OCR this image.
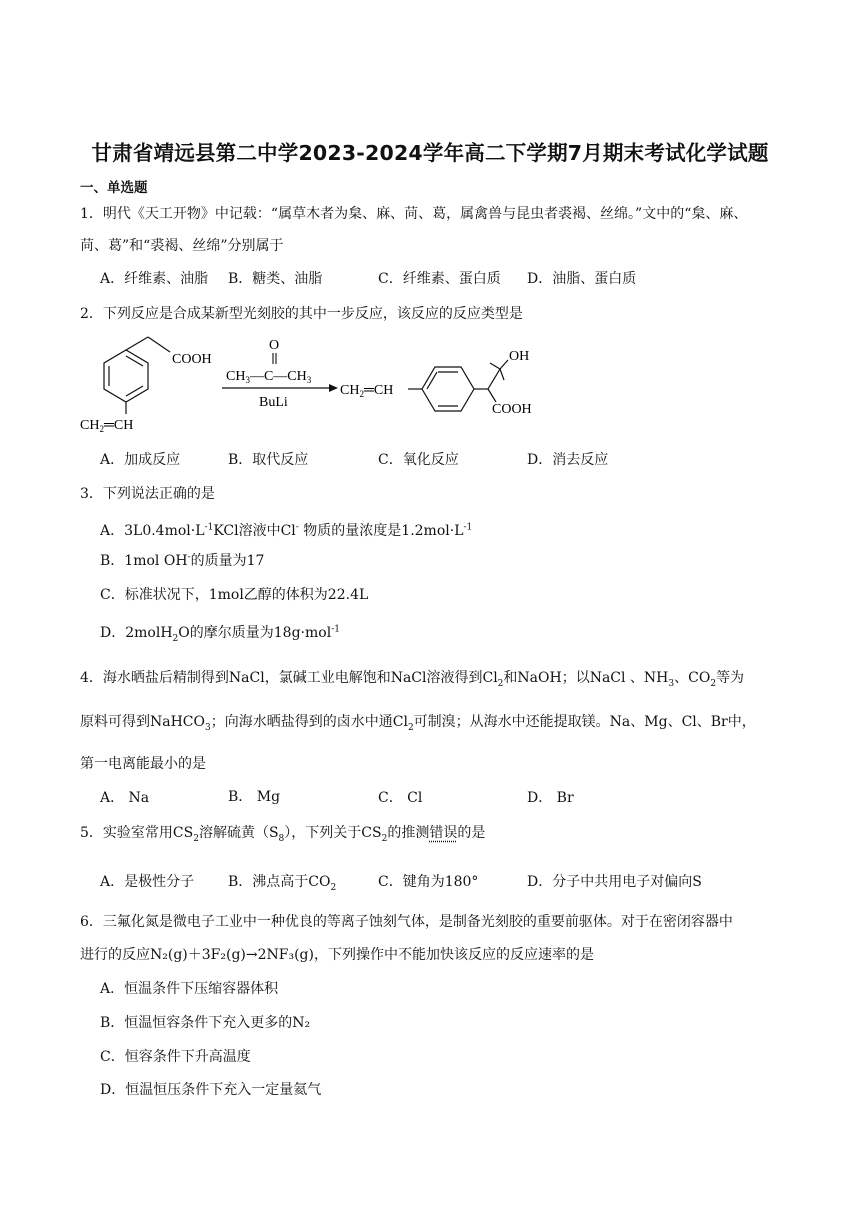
甘肃省靖远县第二中学2023-2024学年高二下学期7月期末考试化学试题
一、单选题
1．明代《天工开物》中记载：“属草木者为枲、麻、苘、葛，属禽兽与昆虫者裘褐、丝绵。”文中的“枲、麻、
苘、葛”和“裘褐、丝绵”分别属于
A．纤维素、油脂 B．糖类、油脂	C．纤维素、蛋白质 D．油脂、蛋白质
2．下列反应是合成某新型光刻胶的其中一步反应，该反应的反应类型是
COOH
$CH_2═CH$
O
$CH_3—C—CH_3$
BuLi
$CH_2═CH$
OH
COOH
A．加成反应	B．取代反应	C．氧化反应	D．消去反应
3．下列说法正确的是
A．$3L0.4mol\cdot L^{-1}KCl$溶液中Cl- 物质的量浓度是$1.2mol\cdot L^{-1}$
B．1mol OH-的质量为17
C．标准状况下，1mol乙醇的体积为22.4L
D．2molH$_2$O的摩尔质量为18g·mol$^{-1}$
4．海水晒盐后精制得到NaCl，氯碱工业电解饱和NaCl溶液得到$Cl_2$和NaOH；以NaCl 、$NH_3$、$CO_2$等为
原料可得到NaHCO$_3$；向海水晒盐得到的卤水中通$Cl_2$可制溴；从海水中还能提取镁。Na、Mg、Cl、Br中，
第一电离能最小的是
A． Na	B． Mg	C． Cl	D． Br
5．实验室常用$CS_2$溶解硫黄$(S_8)$，下列关于$CS_2$的推测错误的是
A．是极性分子 B．沸点高于$CO_2$	C．键角为180°	D．分子中共用电子对偏向S
6．三氟化氮是微电子工业中一种优良的等离子蚀刻气体，是制备光刻胶的重要前驱体。对于在密闭容器中
进行的反应N₂(g)＋3F₂(g)→2NF₃(g)，下列操作中不能加快该反应的反应速率的是
A．恒温条件下压缩容器体积
B．恒温恒容条件下充入更多的N₂
C．恒容条件下升高温度
D．恒温恒压条件下充入一定量氦气
